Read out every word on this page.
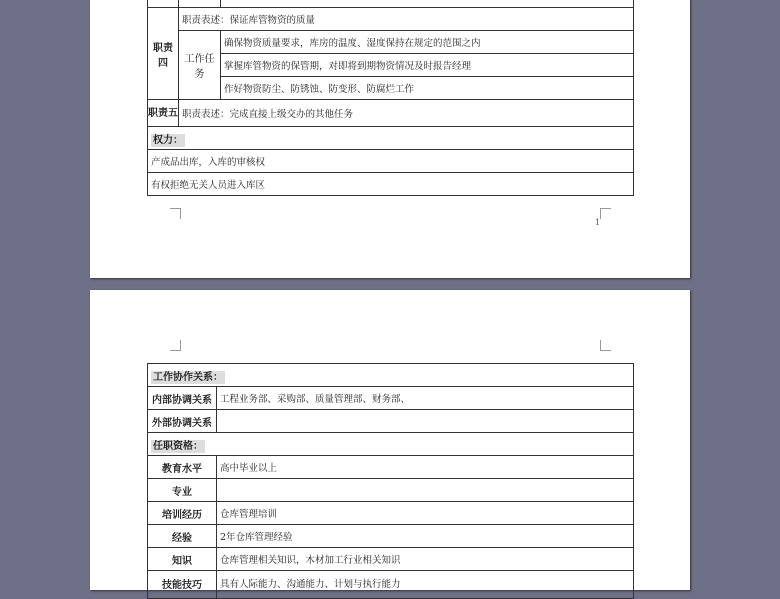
职责四	职责表述：保证库管物资的质量	
	工作任务	确保物资质量要求，库房的温度、湿度保持在规定的范围之内
		掌握库管物资的保管期，对即将到期物资情况及时报告经理
		作好物资防尘、防锈蚀、防变形、防腐烂工作
职责五	职责表述：完成直接上级交办的其他任务	
权力：		
产成品出库，入库的审核权		
有权拒绝无关人员进入库区		
1
工作协作关系：	
内部协调关系	工程业务部、采购部、质量管理部、财务部、
外部协调关系	
任职资格：	
教育水平	高中毕业以上
专业	
培训经历	仓库管理培训
经验	2年仓库管理经验
知识	仓库管理相关知识，木材加工行业相关知识
技能技巧	具有人际能力、沟通能力、计划与执行能力
